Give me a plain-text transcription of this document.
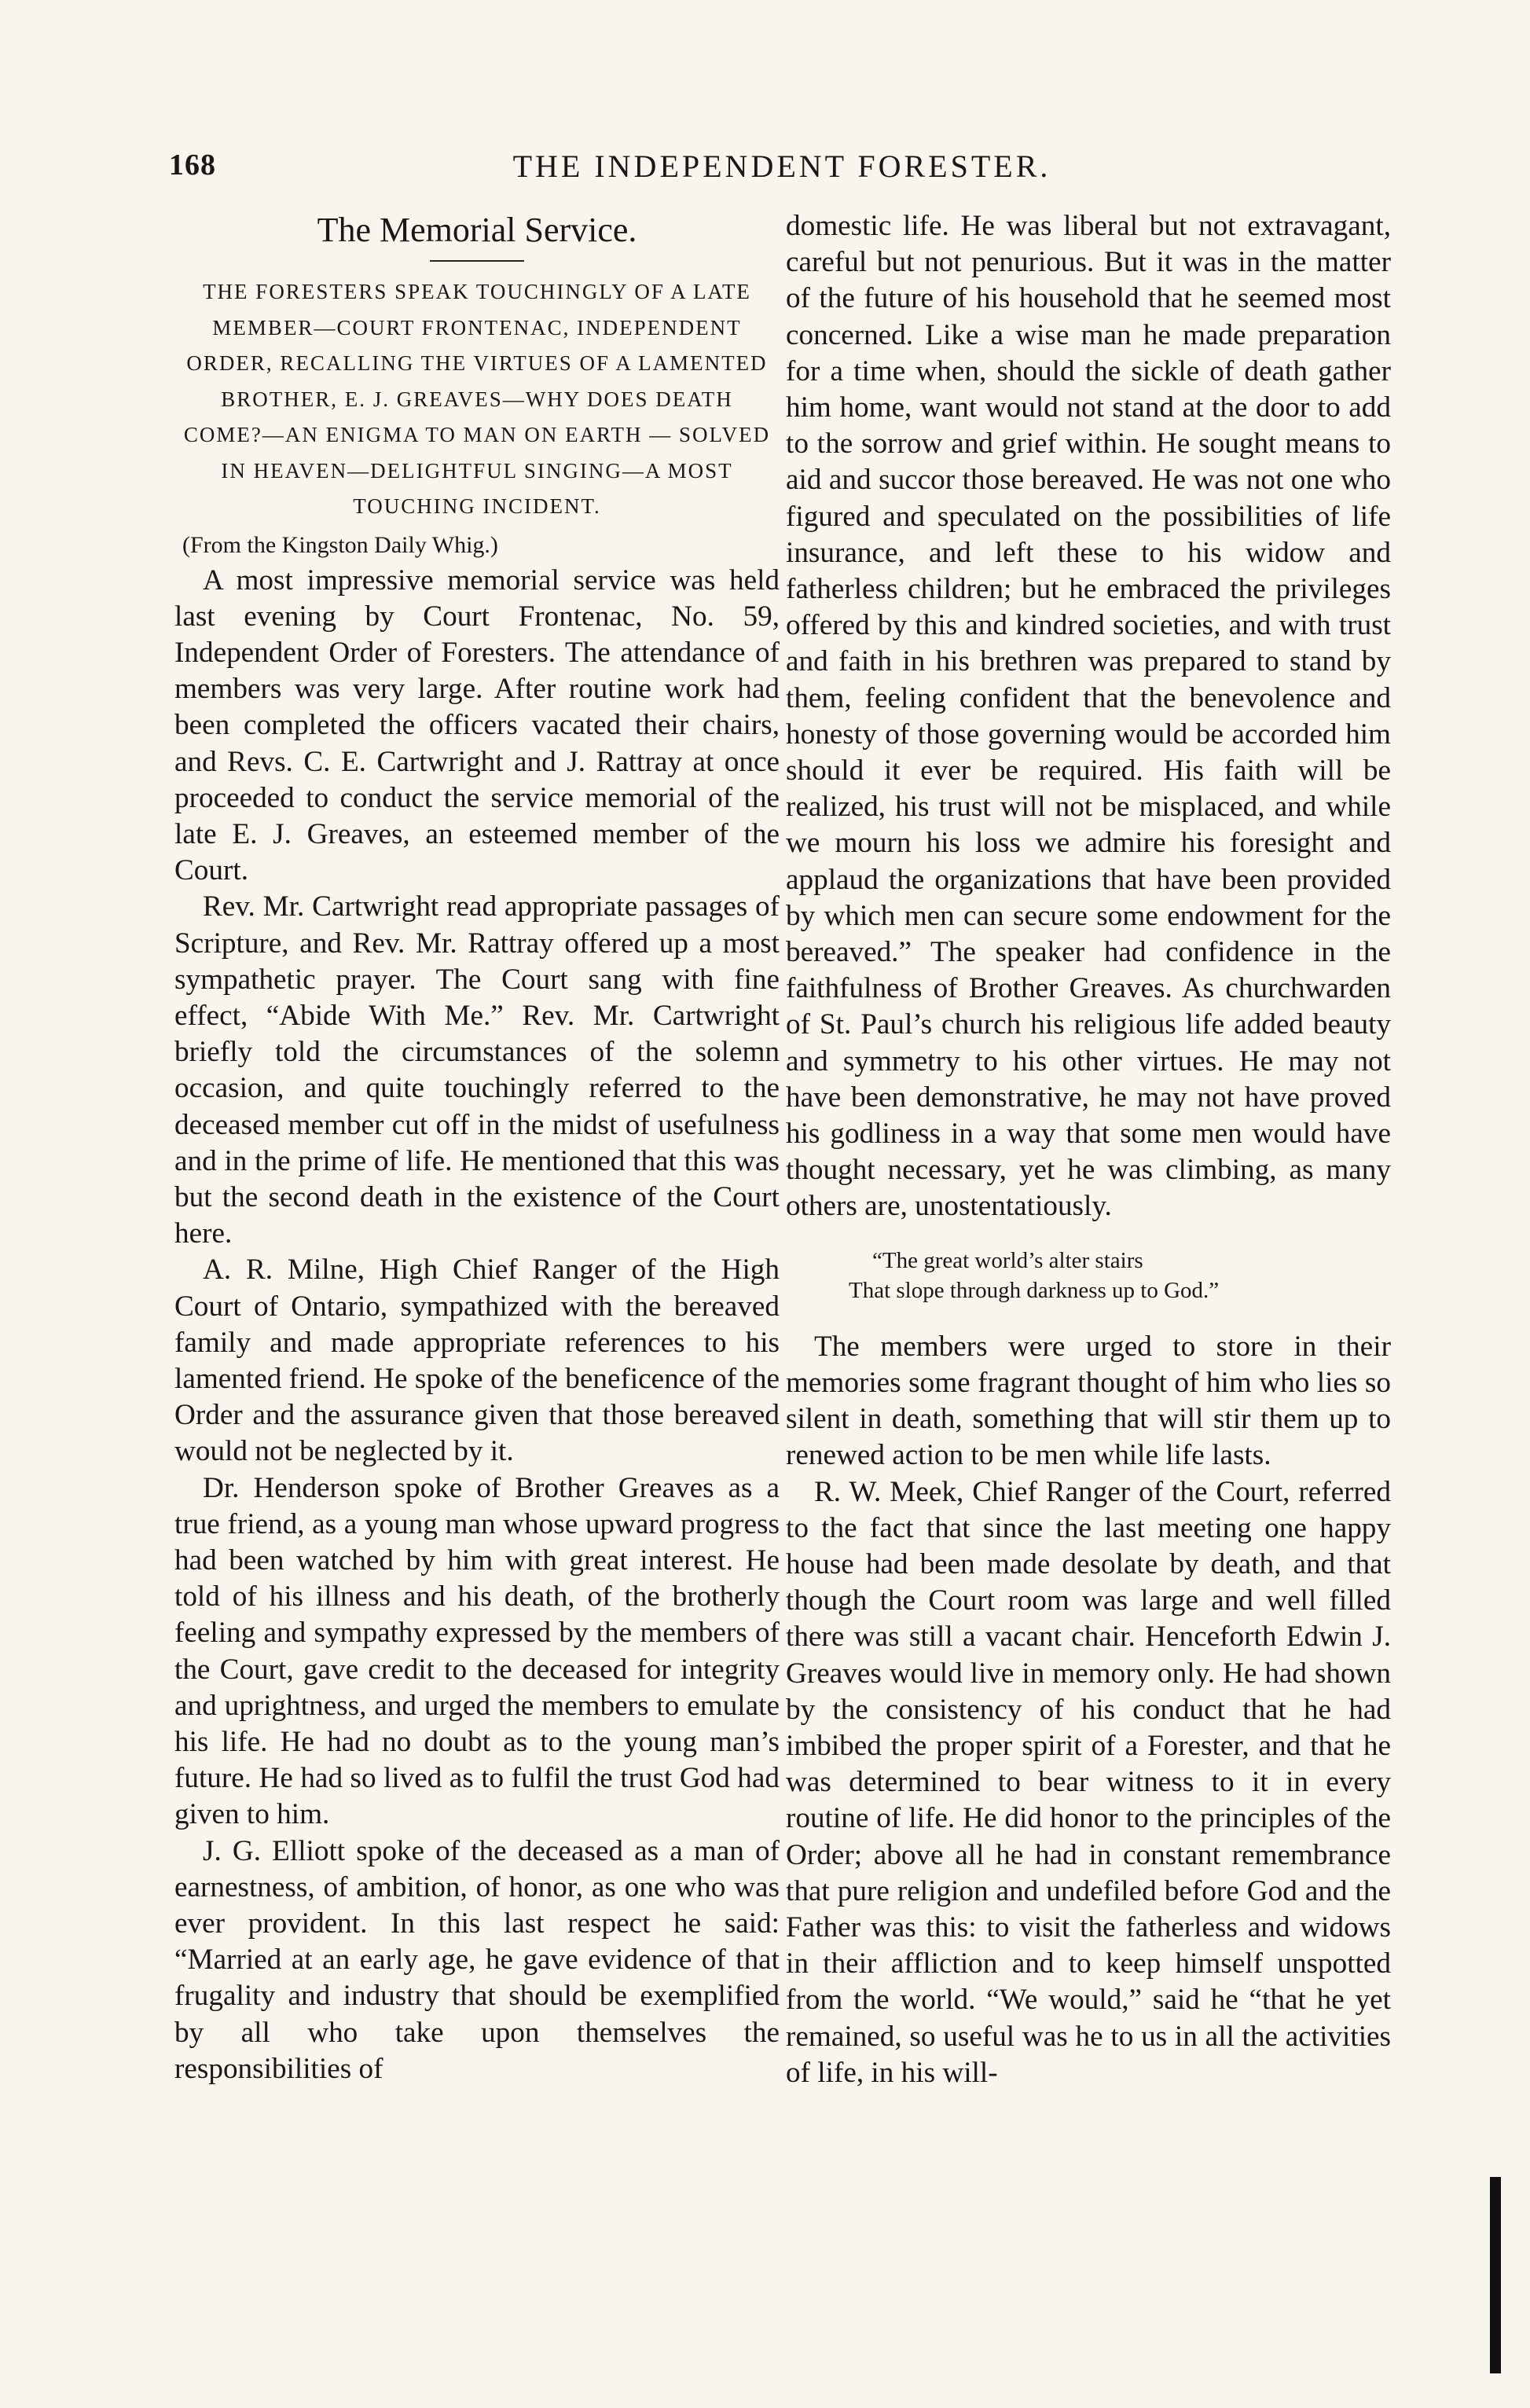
168	THE INDEPENDENT FORESTER.
The Memorial Service.
THE FORESTERS SPEAK TOUCHINGLY OF A LATE MEMBER—COURT FRONTENAC, INDEPENDENT ORDER, RECALLING THE VIRTUES OF A LAMENTED BROTHER, E. J. GREAVES—WHY DOES DEATH COME?—AN ENIGMA TO MAN ON EARTH — SOLVED IN HEAVEN—DELIGHTFUL SINGING—A MOST TOUCHING INCIDENT.
(From the Kingston Daily Whig.)

A most impressive memorial service was held last evening by Court Frontenac, No. 59, Independent Order of Foresters. The attendance of members was very large. After routine work had been completed the officers vacated their chairs, and Revs. C. E. Cartwright and J. Rattray at once proceeded to conduct the service memorial of the late E. J. Greaves, an esteemed member of the Court.

Rev. Mr. Cartwright read appropriate passages of Scripture, and Rev. Mr. Rattray offered up a most sympathetic prayer. The Court sang with fine effect, “Abide With Me.” Rev. Mr. Cartwright briefly told the circumstances of the solemn occasion, and quite touchingly referred to the deceased member cut off in the midst of usefulness and in the prime of life. He mentioned that this was but the second death in the existence of the Court here.

A. R. Milne, High Chief Ranger of the High Court of Ontario, sympathized with the bereaved family and made appropriate references to his lamented friend. He spoke of the beneficence of the Order and the assurance given that those bereaved would not be neglected by it.

Dr. Henderson spoke of Brother Greaves as a true friend, as a young man whose upward progress had been watched by him with great interest. He told of his illness and his death, of the brotherly feeling and sympathy expressed by the members of the Court, gave credit to the deceased for integrity and uprightness, and urged the members to emulate his life. He had no doubt as to the young man’s future. He had so lived as to fulfil the trust God had given to him.

J. G. Elliott spoke of the deceased as a man of earnestness, of ambition, of honor, as one who was ever provident. In this last respect he said: “Married at an early age, he gave evidence of that frugality and industry that should be exemplified by all who take upon themselves the responsibilities of

domestic life. He was liberal but not extravagant, careful but not penurious. But it was in the matter of the future of his household that he seemed most concerned. Like a wise man he made preparation for a time when, should the sickle of death gather him home, want would not stand at the door to add to the sorrow and grief within. He sought means to aid and succor those bereaved. He was not one who figured and speculated on the possibilities of life insurance, and left these to his widow and fatherless children; but he embraced the privileges offered by this and kindred societies, and with trust and faith in his brethren was prepared to stand by them, feeling confident that the benevolence and honesty of those governing would be accorded him should it ever be required. His faith will be realized, his trust will not be misplaced, and while we mourn his loss we admire his foresight and applaud the organizations that have been provided by which men can secure some endowment for the bereaved.” The speaker had confidence in the faithfulness of Brother Greaves. As churchwarden of St. Paul’s church his religious life added beauty and symmetry to his other virtues. He may not have been demonstrative, he may not have proved his godliness in a way that some men would have thought necessary, yet he was climbing, as many others are, unostentatiously.

“The great world’s alter stairs
That slope through darkness up to God.”

The members were urged to store in their memories some fragrant thought of him who lies so silent in death, something that will stir them up to renewed action to be men while life lasts.

R. W. Meek, Chief Ranger of the Court, referred to the fact that since the last meeting one happy house had been made desolate by death, and that though the Court room was large and well filled there was still a vacant chair. Henceforth Edwin J. Greaves would live in memory only. He had shown by the consistency of his conduct that he had imbibed the proper spirit of a Forester, and that he was determined to bear witness to it in every routine of life. He did honor to the principles of the Order; above all he had in constant remembrance that pure religion and undefiled before God and the Father was this: to visit the fatherless and widows in their affliction and to keep himself unspotted from the world. “We would,” said he “that he yet remained, so useful was he to us in all the activities of life, in his will-
